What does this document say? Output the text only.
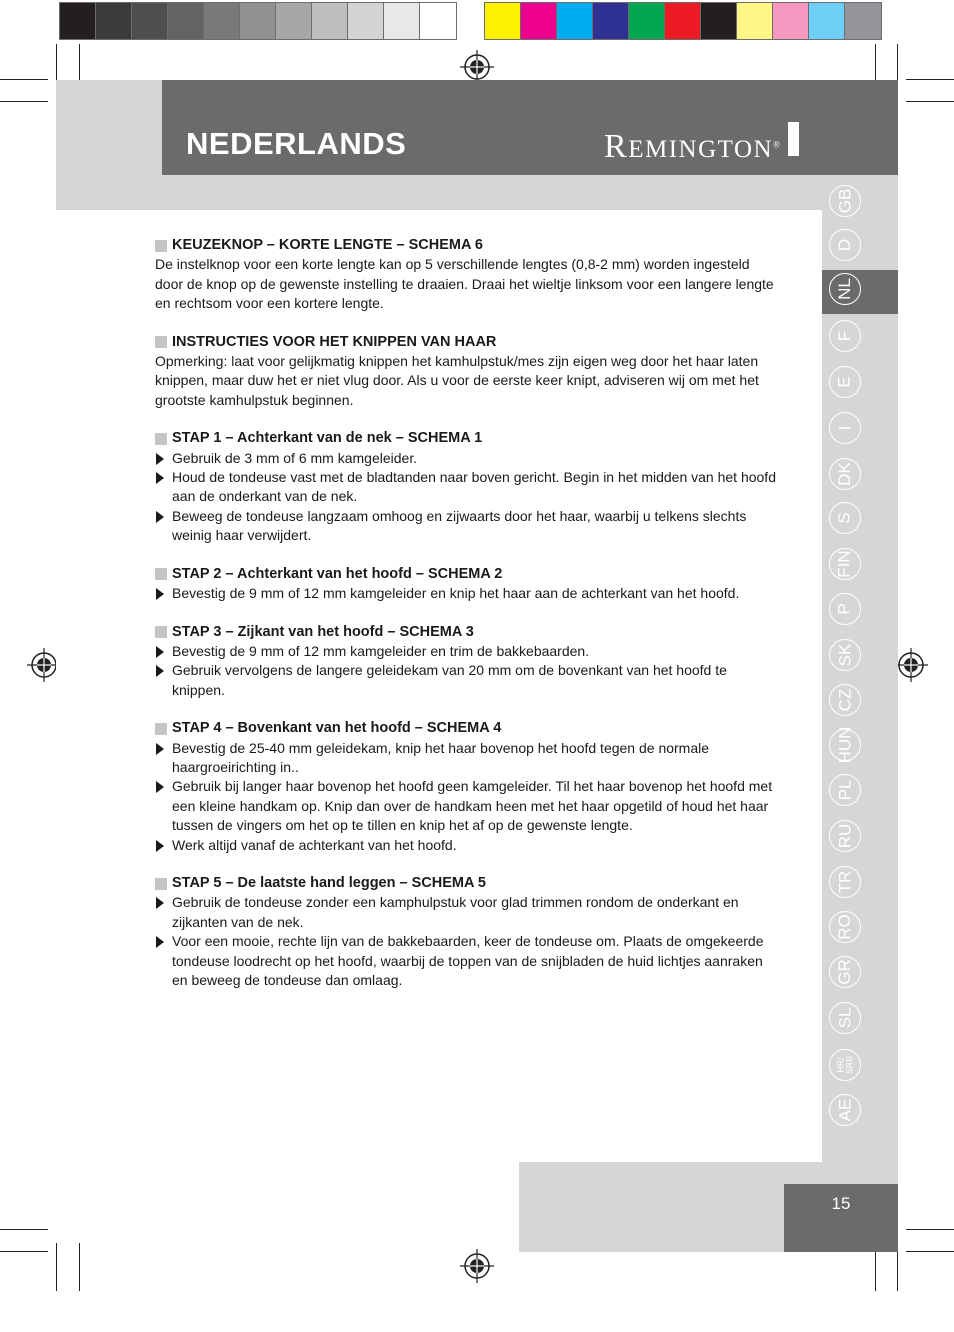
NEDERLANDS	REMINGTON®
GB
D
NL
F
E
I
DK
S
FIN
P
SK
CZ
HUN
PL
RU
TR
RO
GR
SL
HR/
SRB
AE
KEUZEKNOP – KORTE LENGTE – SCHEMA 6

De instelknop voor een korte lengte kan op 5 verschillende lengtes (0,8-2 mm) worden ingesteld door de knop op de gewenste instelling te draaien. Draai het wieltje linksom voor een langere lengte en rechtsom voor een kortere lengte.

INSTRUCTIES VOOR HET KNIPPEN VAN HAAR

Opmerking: laat voor gelijkmatig knippen het kamhulpstuk/mes zijn eigen weg door het haar laten knippen, maar duw het er niet vlug door. Als u voor de eerste keer knipt, adviseren wij om met het grootste kamhulpstuk beginnen.

STAP 1 – Achterkant van de nek – SCHEMA 1
Gebruik de 3 mm of 6 mm kamgeleider.
Houd de tondeuse vast met de bladtanden naar boven gericht. Begin in het midden van het hoofd aan de onderkant van de nek.
Beweeg de tondeuse langzaam omhoog en zijwaarts door het haar, waarbij u telkens slechts weinig haar verwijdert.
STAP 2 – Achterkant van het hoofd – SCHEMA 2
Bevestig de 9 mm of 12 mm kamgeleider en knip het haar aan de achterkant van het hoofd.
STAP 3 – Zijkant van het hoofd – SCHEMA 3
Bevestig de 9 mm of 12 mm kamgeleider en trim de bakkebaarden.
Gebruik vervolgens de langere geleidekam van 20 mm om de bovenkant van het hoofd te knippen.
STAP 4 – Bovenkant van het hoofd – SCHEMA 4
Bevestig de 25-40 mm geleidekam, knip het haar bovenop het hoofd tegen de normale haargroeirichting in..
Gebruik bij langer haar bovenop het hoofd geen kamgeleider. Til het haar bovenop het hoofd met een kleine handkam op. Knip dan over de handkam heen met het haar opgetild of houd het haar tussen de vingers om het op te tillen en knip het af op de gewenste lengte.
Werk altijd vanaf de achterkant van het hoofd.
STAP 5 – De laatste hand leggen – SCHEMA 5
Gebruik de tondeuse zonder een kamphulpstuk voor glad trimmen rondom de onderkant en zijkanten van de nek.
Voor een mooie, rechte lijn van de bakkebaarden, keer de tondeuse om. Plaats de omgekeerde tondeuse loodrecht op het hoofd, waarbij de toppen van de snijbladen de huid lichtjes aanraken en beweeg de tondeuse dan omlaag.
15
